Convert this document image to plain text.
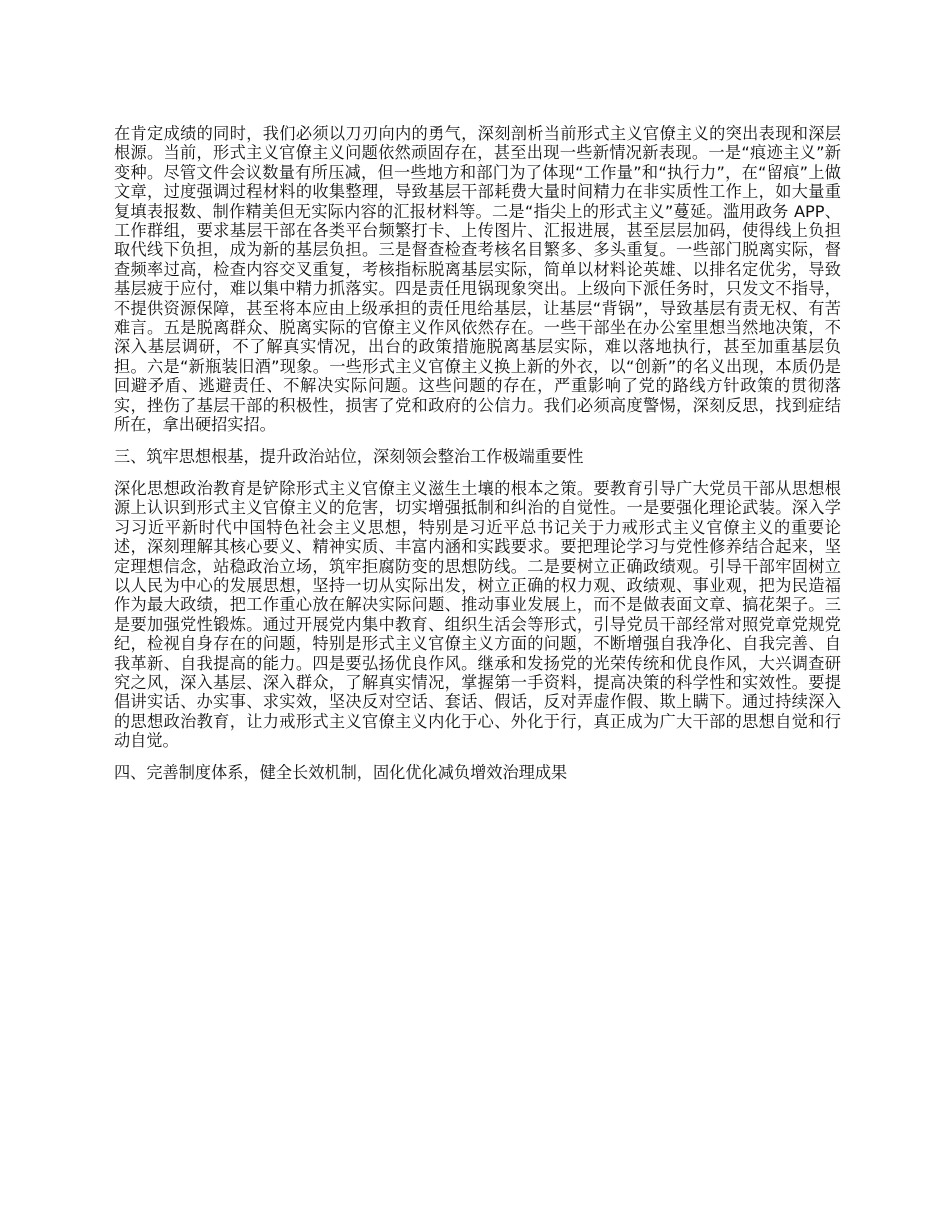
在肯定成绩的同时，我们必须以刀刃向内的勇气，深刻剖析当前形式主义官僚主义的突出表现和深层根源。当前，形式主义官僚主义问题依然顽固存在，甚至出现一些新情况新表现。一是“痕迹主义”新变种。尽管文件会议数量有所压减，但一些地方和部门为了体现“工作量”和“执行力”，在“留痕”上做文章，过度强调过程材料的收集整理，导致基层干部耗费大量时间精力在非实质性工作上，如大量重复填表报数、制作精美但无实际内容的汇报材料等。二是“指尖上的形式主义”蔓延。滥用政务 APP、工作群组，要求基层干部在各类平台频繁打卡、上传图片、汇报进展，甚至层层加码，使得线上负担取代线下负担，成为新的基层负担。三是督查检查考核名目繁多、多头重复。一些部门脱离实际，督查频率过高，检查内容交叉重复，考核指标脱离基层实际，简单以材料论英雄、以排名定优劣，导致基层疲于应付，难以集中精力抓落实。四是责任甩锅现象突出。上级向下派任务时，只发文不指导，不提供资源保障，甚至将本应由上级承担的责任甩给基层，让基层“背锅”，导致基层有责无权、有苦难言。五是脱离群众、脱离实际的官僚主义作风依然存在。一些干部坐在办公室里想当然地决策，不深入基层调研，不了解真实情况，出台的政策措施脱离基层实际，难以落地执行，甚至加重基层负担。六是“新瓶装旧酒”现象。一些形式主义官僚主义换上新的外衣，以“创新”的名义出现，本质仍是回避矛盾、逃避责任、不解决实际问题。这些问题的存在，严重影响了党的路线方针政策的贯彻落实，挫伤了基层干部的积极性，损害了党和政府的公信力。我们必须高度警惕，深刻反思，找到症结所在，拿出硬招实招。

三、筑牢思想根基，提升政治站位，深刻领会整治工作极端重要性

深化思想政治教育是铲除形式主义官僚主义滋生土壤的根本之策。要教育引导广大党员干部从思想根源上认识到形式主义官僚主义的危害，切实增强抵制和纠治的自觉性。一是要强化理论武装。深入学习习近平新时代中国特色社会主义思想，特别是习近平总书记关于力戒形式主义官僚主义的重要论述，深刻理解其核心要义、精神实质、丰富内涵和实践要求。要把理论学习与党性修养结合起来，坚定理想信念，站稳政治立场，筑牢拒腐防变的思想防线。二是要树立正确政绩观。引导干部牢固树立以人民为中心的发展思想，坚持一切从实际出发，树立正确的权力观、政绩观、事业观，把为民造福作为最大政绩，把工作重心放在解决实际问题、推动事业发展上，而不是做表面文章、搞花架子。三是要加强党性锻炼。通过开展党内集中教育、组织生活会等形式，引导党员干部经常对照党章党规党纪，检视自身存在的问题，特别是形式主义官僚主义方面的问题，不断增强自我净化、自我完善、自我革新、自我提高的能力。四是要弘扬优良作风。继承和发扬党的光荣传统和优良作风，大兴调查研究之风，深入基层、深入群众，了解真实情况，掌握第一手资料，提高决策的科学性和实效性。要提倡讲实话、办实事、求实效，坚决反对空话、套话、假话，反对弄虚作假、欺上瞒下。通过持续深入的思想政治教育，让力戒形式主义官僚主义内化于心、外化于行，真正成为广大干部的思想自觉和行动自觉。

四、完善制度体系，健全长效机制，固化优化减负增效治理成果
